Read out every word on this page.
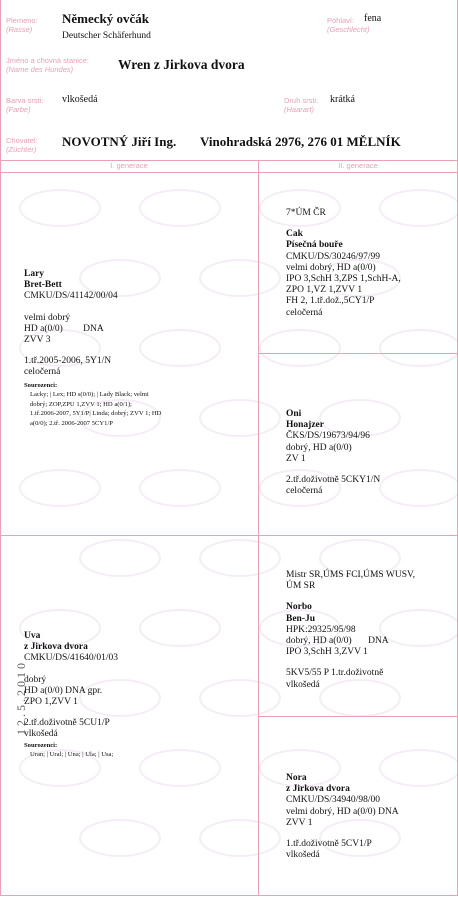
Plemeno:
(Rasse)
Německý ovčák
Deutscher Schäferhund
Pohlaví:
(Geschlecht)
fena
Jméno a chovná stanice:
(Name des Hundes)	Wren z Jirkova dvora
Barva srsti:
(Farbe)
vlkošedá	Druh srsti:
(Haarart)
krátká
Chovatel:
(Züchter)
NOVOTNÝ Jiří Ing. Vinohradská 2976, 276 01 MĚLNÍK
I. generace	II. generace
Lary
Bret-Bett
CMKU/DS/41142/00/04
velmi dobrý
HD a(0/0) DNA
ZVV 3
1.tř.2005-2006, 5Y1/N
celočerná
Sourozenci:
Lacky; | Lex; HD s(0/0); | Lady Black; velmi
dobrý; ZOP,ZPU 1,ZVV 1; HD a(0/1);
1.tř.2006-2007, 5Y1/P| Linda; dobrý; ZVV 1; HD
a(0/0); 2.tř. 2006-2007 5CY1/P
7*ÚM ČR
Cak
Písečná bouře
CMKU/DS/30246/97/99
velmi dobrý, HD a(0/0)
IPO 3,SchH 3,ZPS 1,SchH-A,
ZPO 1,VZ 1,ZVV 1
FH 2, 1.tř.dož.,5CY1/P
celočerná
Oni
Honajzer
ČKS/DS/19673/94/96
dobrý, HD a(0/0)
ZV 1
2.tř.doživotně 5CKY1/N
celočerná
Uva
z Jirkova dvora
CMKU/DS/41640/01/03
dobrý
HD a(0/0) DNA gpr.
ZPO 1,ZVV 1
2.tř.doživotně 5CU1/P
vlkošedá
Sourozenci:
Uran; | Ural; | Una; | Ula; | Usa;
Mistr SR,ÚMS FCI,ÚMS WUSV,
ÚM SR
Norbo
Ben-Ju
HPK:29325/95/98
dobrý, HD a(0/0) DNA
IPO 3,SchH 3,ZVV 1
5KV5/55 P 1.tr.doživotně
vlkošedá
Nora
z Jirkova dvora
CMKU/DS/34940/98/00
velmi dobrý, HD a(0/0) DNA
ZVV 1
1.tř.doživotně 5CV1/P
vlkošedá
12.5.2010
